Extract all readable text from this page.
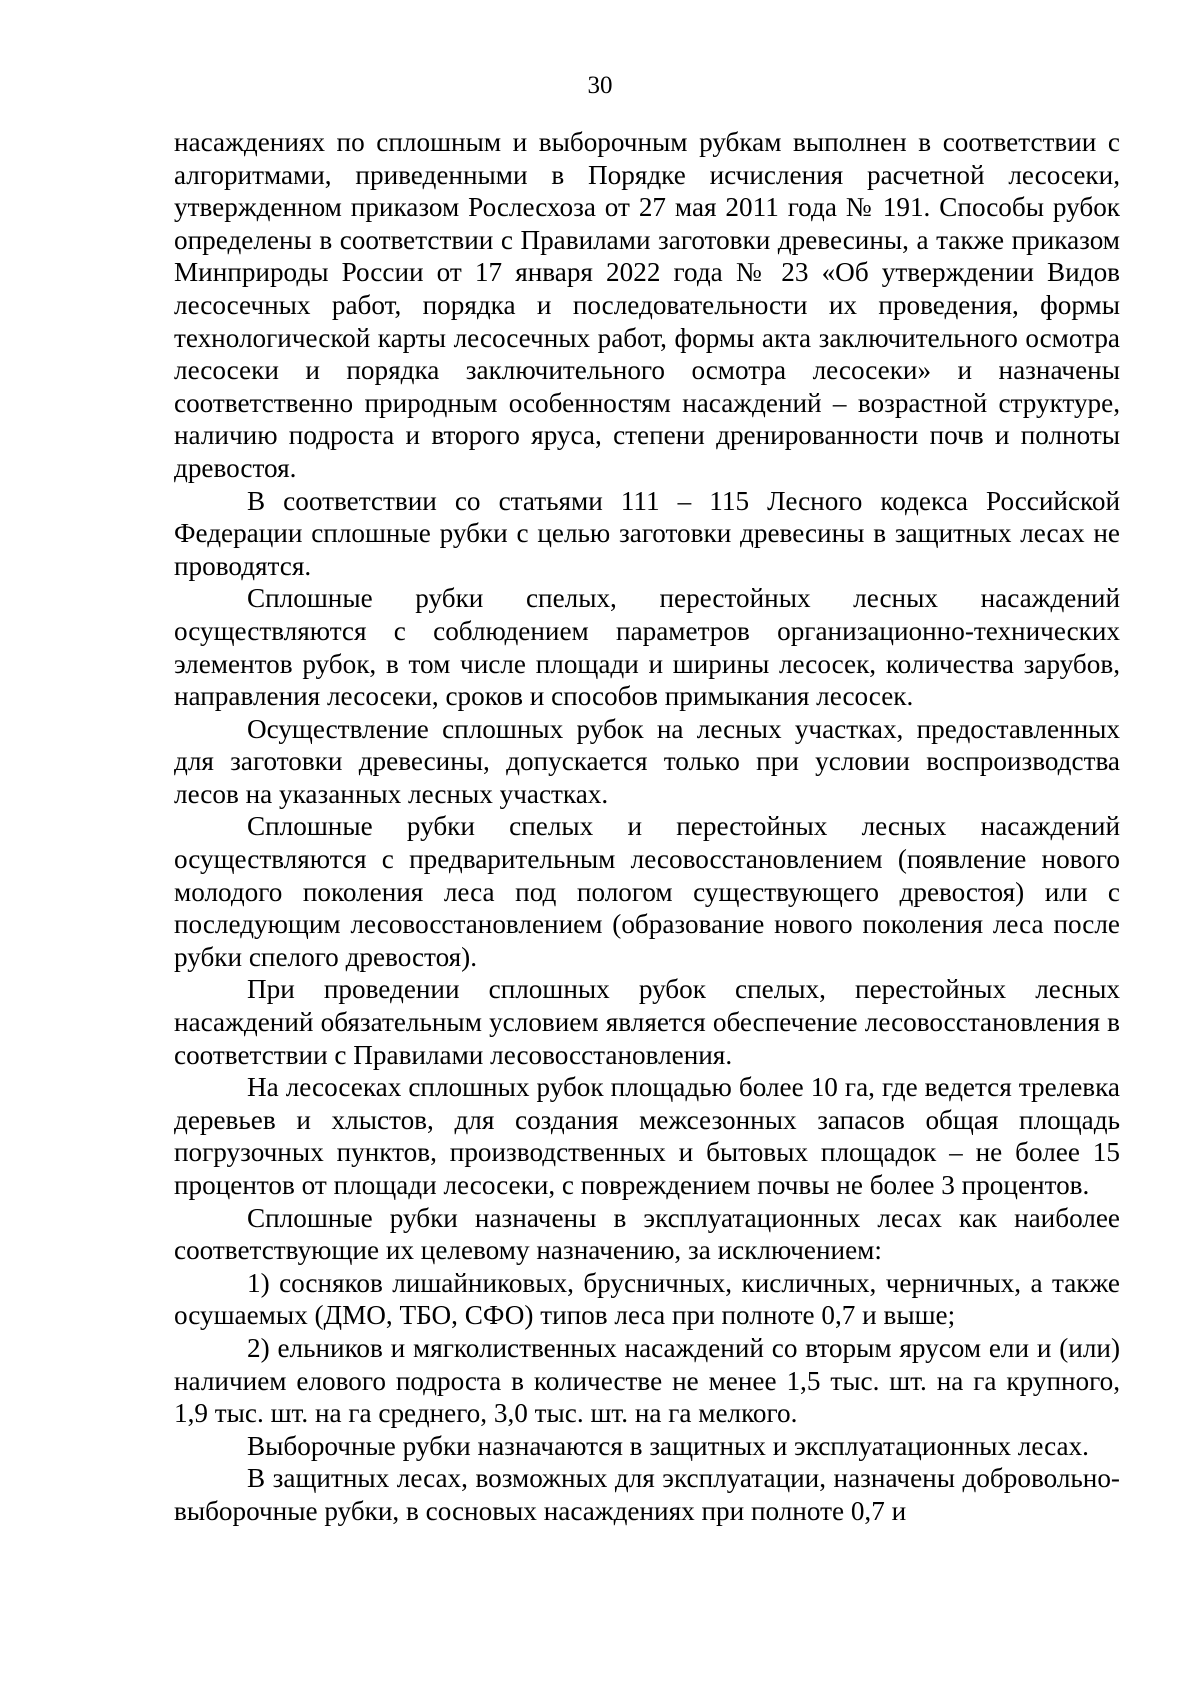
30

насаждениях по сплошным и выборочным рубкам выполнен в соответствии с алгоритмами, приведенными в Порядке исчисления расчетной лесосеки, утвержденном приказом Рослесхоза от 27 мая 2011 года № 191. Способы рубок определены в соответствии с Правилами заготовки древесины, а также приказом Минприроды России от 17 января 2022 года № 23 «Об утверждении Видов лесосечных работ, порядка и последовательности их проведения, формы технологической карты лесосечных работ, формы акта заключительного осмотра лесосеки и порядка заключительного осмотра лесосеки» и назначены соответственно природным особенностям насаждений – возрастной структуре, наличию подроста и второго яруса, степени дренированности почв и полноты древостоя.

В соответствии со статьями 111 – 115 Лесного кодекса Российской Федерации сплошные рубки с целью заготовки древесины в защитных лесах не проводятся.

Сплошные рубки спелых, перестойных лесных насаждений осуществляются с соблюдением параметров организационно-технических элементов рубок, в том числе площади и ширины лесосек, количества зарубов, направления лесосеки, сроков и способов примыкания лесосек.

Осуществление сплошных рубок на лесных участках, предоставленных для заготовки древесины, допускается только при условии воспроизводства лесов на указанных лесных участках.

Сплошные рубки спелых и перестойных лесных насаждений осуществляются с предварительным лесовосстановлением (появление нового молодого поколения леса под пологом существующего древостоя) или с последующим лесовосстановлением (образование нового поколения леса после рубки спелого древостоя).

При проведении сплошных рубок спелых, перестойных лесных насаждений обязательным условием является обеспечение лесовосстановления в соответствии с Правилами лесовосстановления.

На лесосеках сплошных рубок площадью более 10 га, где ведется трелевка деревьев и хлыстов, для создания межсезонных запасов общая площадь погрузочных пунктов, производственных и бытовых площадок – не более 15 процентов от площади лесосеки, с повреждением почвы не более 3 процентов.

Сплошные рубки назначены в эксплуатационных лесах как наиболее соответствующие их целевому назначению, за исключением:

1) сосняков лишайниковых, брусничных, кисличных, черничных, а также осушаемых (ДМО, ТБО, СФО) типов леса при полноте 0,7 и выше;

2) ельников и мягколиственных насаждений со вторым ярусом ели и (или) наличием елового подроста в количестве не менее 1,5 тыс. шт. на га крупного, 1,9 тыс. шт. на га среднего, 3,0 тыс. шт. на га мелкого.

Выборочные рубки назначаются в защитных и эксплуатационных лесах.

В защитных лесах, возможных для эксплуатации, назначены добровольно-выборочные рубки, в сосновых насаждениях при полноте 0,7 и
